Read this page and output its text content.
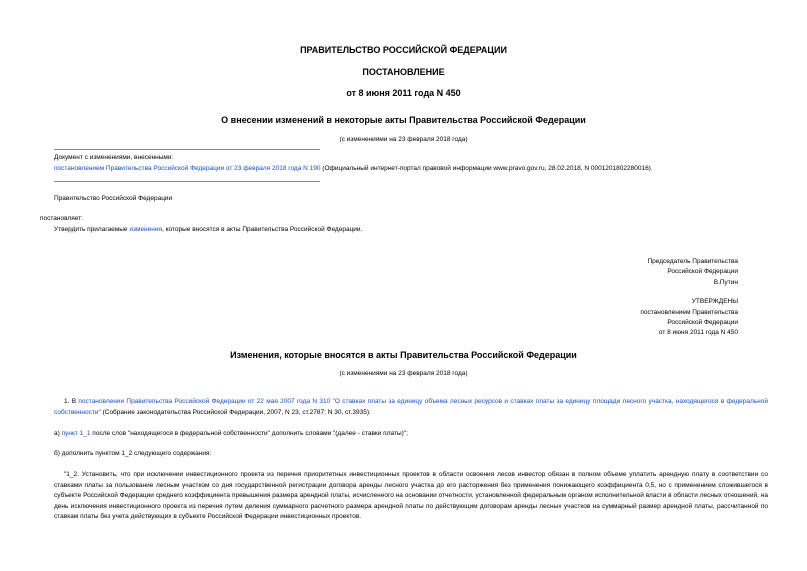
ПРАВИТЕЛЬСТВО РОССИЙСКОЙ ФЕДЕРАЦИИ
ПОСТАНОВЛЕНИЕ
от 8 июня 2011 года N 450
О внесении изменений в некоторые акты Правительства Российской Федерации
(с изменениями на 23 февраля 2018 года)
Документ с изменениями, внесенными:
постановлением Правительства Российской Федерации от 23 февраля 2018 года N 190 (Официальный интернет-портал правовой информации www.pravo.gov.ru, 28.02.2018, N 0001201802280016).
Правительство Российской Федерации
постановляет:
Утвердить прилагаемые изменения, которые вносятся в акты Правительства Российской Федерации.
Председатель Правительства
Российской Федерации
В.Путин
УТВЕРЖДЕНЫ
постановлением Правительства
Российской Федерации
от 8 июня 2011 года N 450
Изменения, которые вносятся в акты Правительства Российской Федерации
(с изменениями на 23 февраля 2018 года)
1. В постановлении Правительства Российской Федерации от 22 мая 2007 года N 310 "О ставках платы за единицу объема лесных ресурсов и ставках платы за единицу площади лесного участка, находящегося в федеральной собственности" (Собрание законодательства Российской Федерации, 2007, N 23, ст.2787; N 30, ст.3935):
а) пункт 1_1 после слов "находящегося в федеральной собственности" дополнить словами "(далее - ставки платы)";
б) дополнить пунктом 1_2 следующего содержания:
"1_2. Установить, что при исключении инвестиционного проекта из перечня приоритетных инвестиционных проектов в области освоения лесов инвестор обязан в полном объеме уплатить арендную плату в соответствии со ставками платы за пользование лесным участком со дня государственной регистрации договора аренды лесного участка до его расторжения без применения понижающего коэффициента 0,5, но с применением сложившегося в субъекте Российской Федерации среднего коэффициента превышения размера арендной платы, исчисленного на основании отчетности, установленной федеральным органом исполнительной власти в области лесных отношений, на день исключения инвестиционного проекта из перечня путем деления суммарного расчетного размера арендной платы по действующим договорам аренды лесных участков на суммарный размер арендной платы, рассчитанной по ставкам платы без учета действующих в субъекте Российской Федерации инвестиционных проектов.
